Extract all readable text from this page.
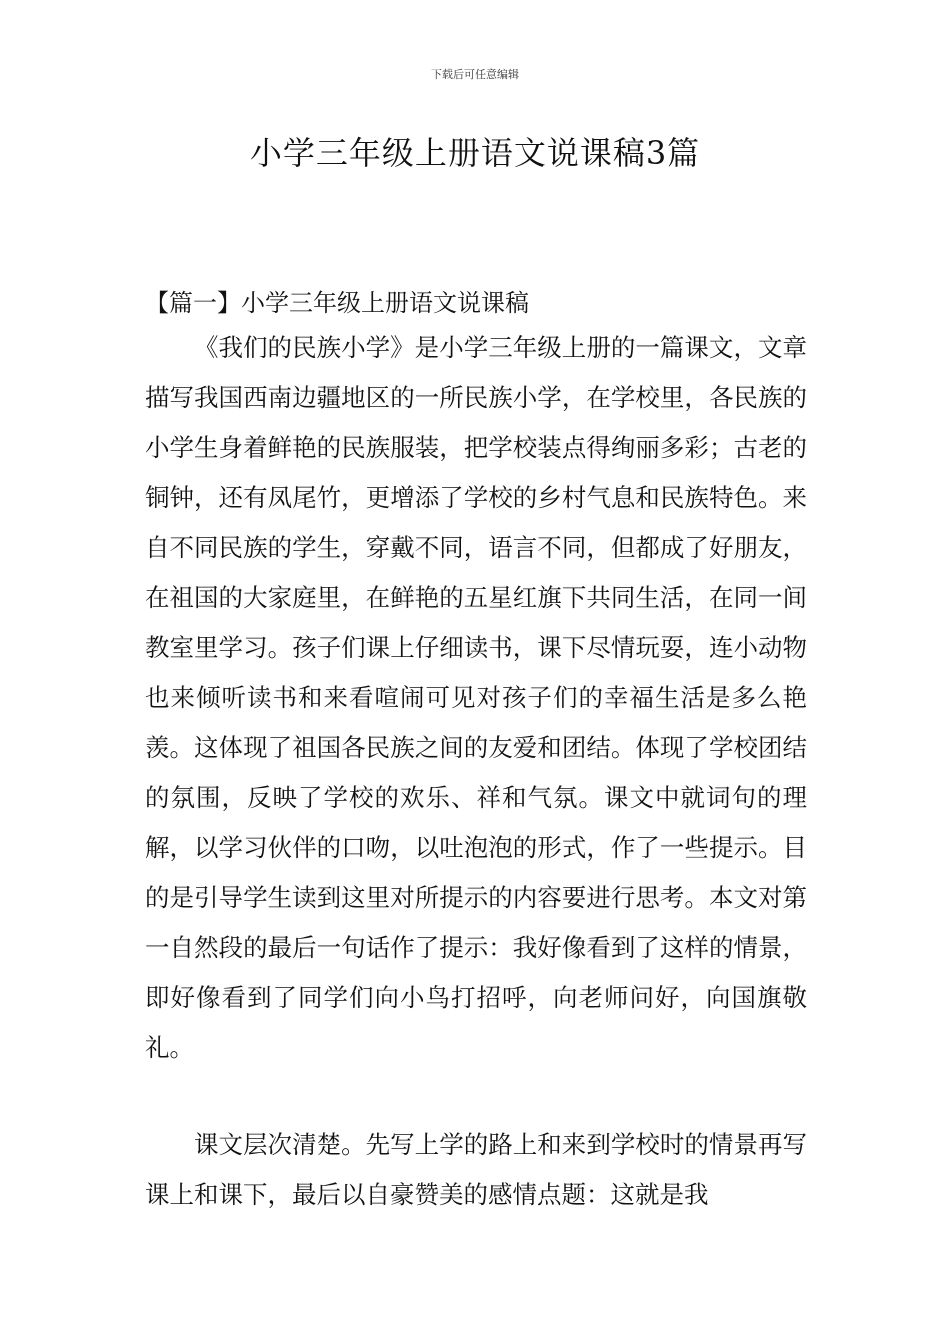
下载后可任意编辑
小学三年级上册语文说课稿3篇
【篇一】小学三年级上册语文说课稿

《我们的民族小学》是小学三年级上册的一篇课文，文章描写我国西南边疆地区的一所民族小学，在学校里，各民族的小学生身着鲜艳的民族服装，把学校装点得绚丽多彩；古老的铜钟，还有凤尾竹，更增添了学校的乡村气息和民族特色。来自不同民族的学生，穿戴不同，语言不同，但都成了好朋友，在祖国的大家庭里，在鲜艳的五星红旗下共同生活，在同一间教室里学习。孩子们课上仔细读书，课下尽情玩耍，连小动物也来倾听读书和来看喧闹可见对孩子们的幸福生活是多么艳羡。这体现了祖国各民族之间的友爱和团结。体现了学校团结的氛围，反映了学校的欢乐、祥和气氛。课文中就词句的理解，以学习伙伴的口吻，以吐泡泡的形式，作了一些提示。目的是引导学生读到这里对所提示的内容要进行思考。本文对第一自然段的最后一句话作了提示：我好像看到了这样的情景，即好像看到了同学们向小鸟打招呼，向老师问好，向国旗敬礼。

课文层次清楚。先写上学的路上和来到学校时的情景再写课上和课下，最后以自豪赞美的感情点题：这就是我
